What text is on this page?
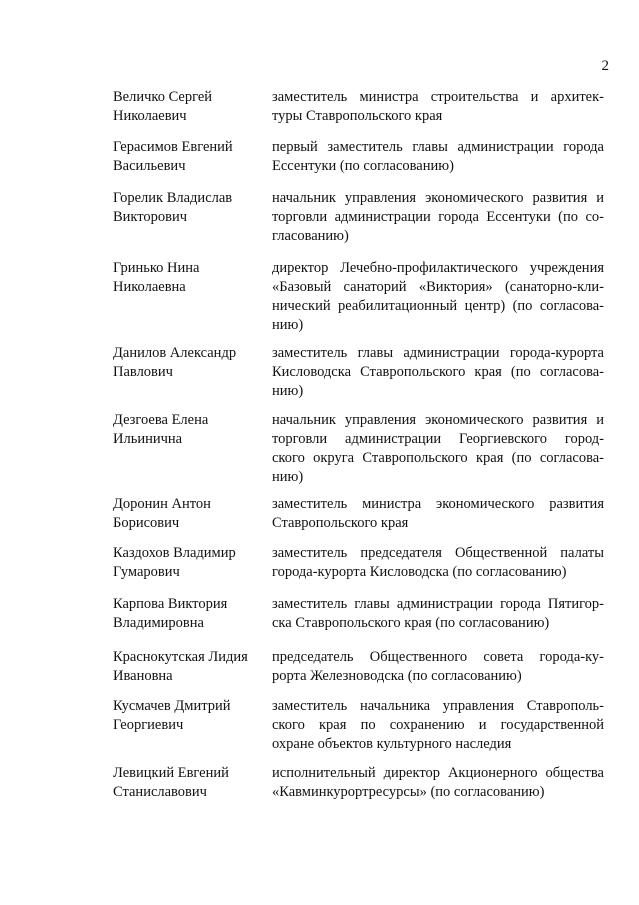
2
Величко Сергей
Николаевич
заместитель министра строительства и архитек-
туры Ставропольского края
Герасимов Евгений
Васильевич
первый заместитель главы администрации города
Ессентуки (по согласованию)
Горелик Владислав
Викторович
начальник управления экономического развития и
торговли администрации города Ессентуки (по со-
гласованию)
Гринько Нина
Николаевна
директор Лечебно-профилактического учреждения
«Базовый санаторий «Виктория» (санаторно-кли-
нический реабилитационный центр) (по согласова-
нию)
Данилов Александр
Павлович
заместитель главы администрации города-курорта
Кисловодска Ставропольского края (по согласова-
нию)
Дезгоева Елена
Ильинична
начальник управления экономического развития и
торговли администрации Георгиевского город-
ского округа Ставропольского края (по согласова-
нию)
Доронин Антон
Борисович
заместитель министра экономического развития
Ставропольского края
Каздохов Владимир
Гумарович
заместитель председателя Общественной палаты
города-курорта Кисловодска (по согласованию)
Карпова Виктория
Владимировна
заместитель главы администрации города Пятигор-
ска Ставропольского края (по согласованию)
Краснокутская Лидия
Ивановна
председатель Общественного совета города-ку-
рорта Железноводска (по согласованию)
Кусмачев Дмитрий
Георгиевич
заместитель начальника управления Ставрополь-
ского края по сохранению и государственной
охране объектов культурного наследия
Левицкий Евгений
Станиславович
исполнительный директор Акционерного общества
«Кавминкурортресурсы» (по согласованию)
